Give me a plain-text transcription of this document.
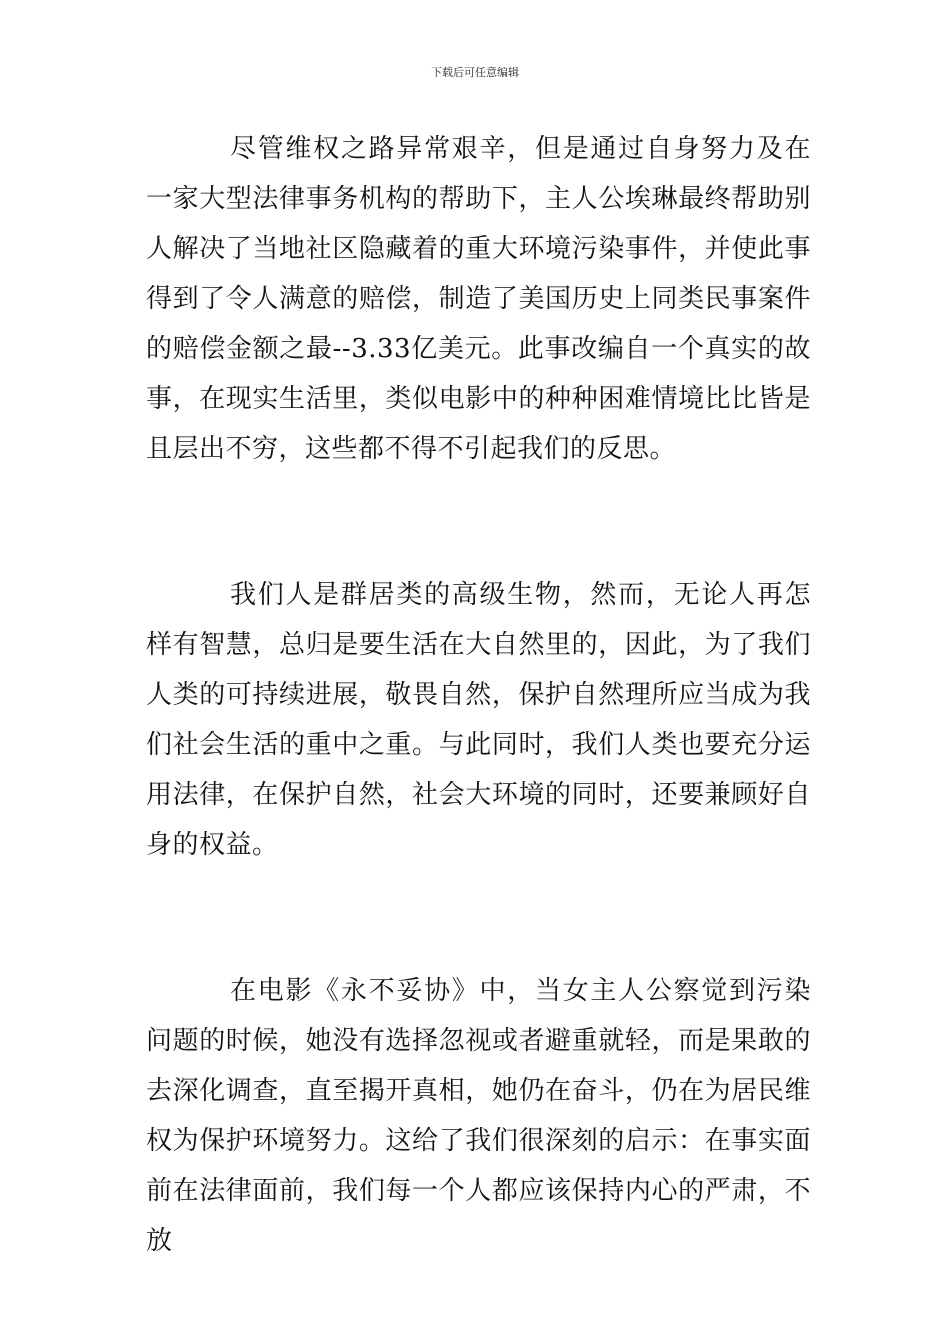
下载后可任意编辑

尽管维权之路异常艰辛，但是通过自身努力及在一家大型法律事务机构的帮助下，主人公埃琳最终帮助别人解决了当地社区隐藏着的重大环境污染事件，并使此事得到了令人满意的赔偿，制造了美国历史上同类民事案件的赔偿金额之最--3.33亿美元。此事改编自一个真实的故事，在现实生活里，类似电影中的种种困难情境比比皆是且层出不穷，这些都不得不引起我们的反思。

我们人是群居类的高级生物，然而，无论人再怎样有智慧，总归是要生活在大自然里的，因此，为了我们人类的可持续进展，敬畏自然，保护自然理所应当成为我们社会生活的重中之重。与此同时，我们人类也要充分运用法律，在保护自然，社会大环境的同时，还要兼顾好自身的权益。

在电影《永不妥协》中，当女主人公察觉到污染问题的时候，她没有选择忽视或者避重就轻，而是果敢的去深化调查，直至揭开真相，她仍在奋斗，仍在为居民维权为保护环境努力。这给了我们很深刻的启示：在事实面前在法律面前，我们每一个人都应该保持内心的严肃，不放
